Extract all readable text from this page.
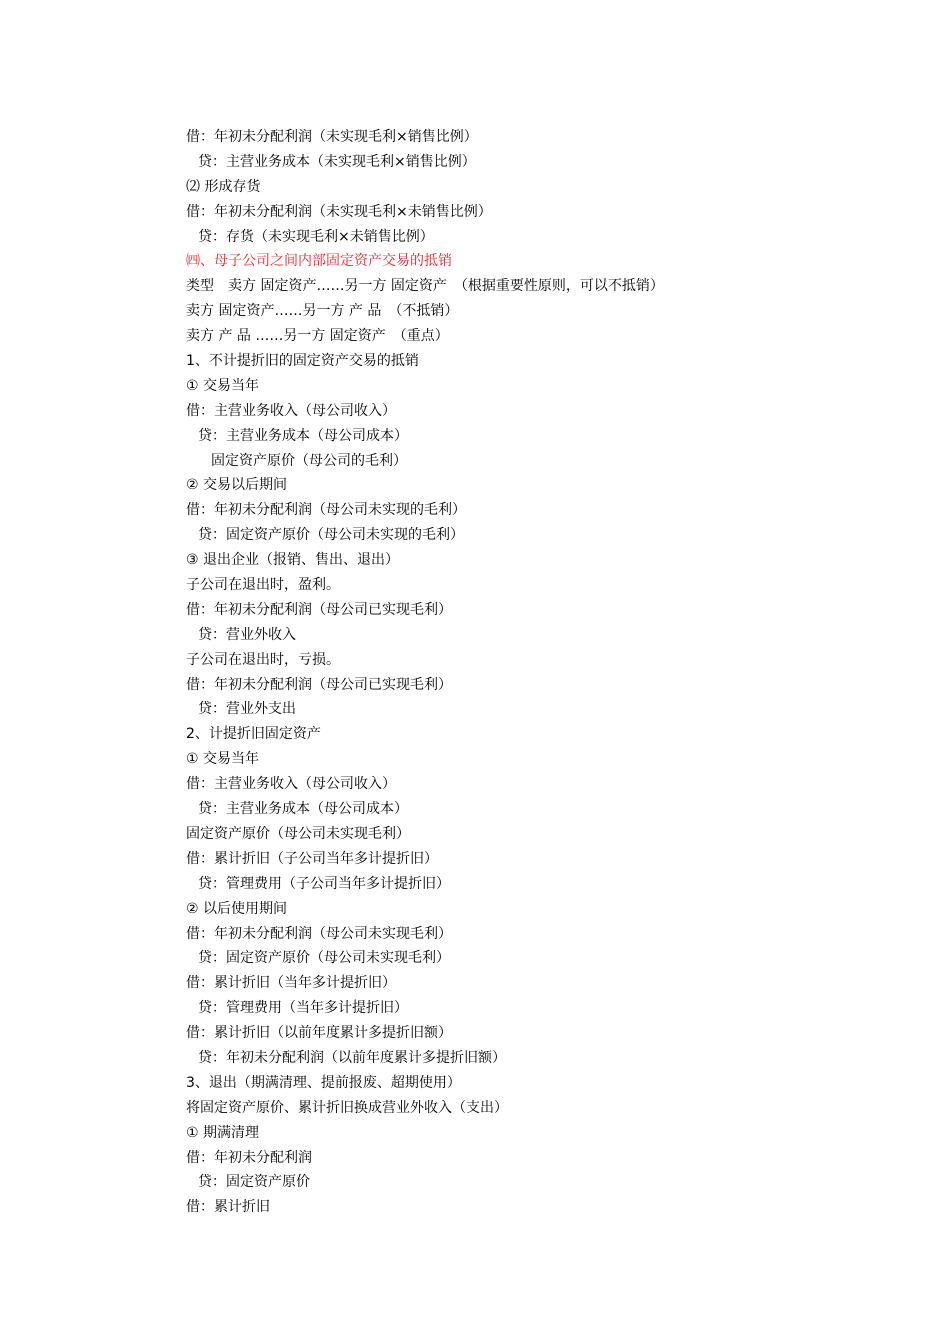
借：年初未分配利润（未实现毛利×销售比例）
贷：主营业务成本（未实现毛利×销售比例）
⑵ 形成存货
借：年初未分配利润（未实现毛利×未销售比例）
贷：存货（未实现毛利×未销售比例）
㈣、母子公司之间内部固定资产交易的抵销
类型　卖方 固定资产……另一方 固定资产　（根据重要性原则，可以不抵销）
卖方 固定资产……另一方 产 品　（不抵销）
卖方 产 品 ……另一方 固定资产　（重点）
1、不计提折旧的固定资产交易的抵销
① 交易当年
借：主营业务收入（母公司收入）
贷：主营业务成本（母公司成本）
固定资产原价（母公司的毛利）
② 交易以后期间
借：年初未分配利润（母公司未实现的毛利）
贷：固定资产原价（母公司未实现的毛利）
③ 退出企业（报销、售出、退出）
子公司在退出时，盈利。
借：年初未分配利润（母公司已实现毛利）
贷：营业外收入
子公司在退出时，亏损。
借：年初未分配利润（母公司已实现毛利）
贷：营业外支出
2、计提折旧固定资产
① 交易当年
借：主营业务收入（母公司收入）
贷：主营业务成本（母公司成本）
固定资产原价（母公司未实现毛利）
借：累计折旧（子公司当年多计提折旧）
贷：管理费用（子公司当年多计提折旧）
② 以后使用期间
借：年初未分配利润（母公司未实现毛利）
贷：固定资产原价（母公司未实现毛利）
借：累计折旧（当年多计提折旧）
贷：管理费用（当年多计提折旧）
借：累计折旧（以前年度累计多提折旧额）
贷：年初未分配利润（以前年度累计多提折旧额）
3、退出（期满清理、提前报废、超期使用）
将固定资产原价、累计折旧换成营业外收入（支出）
① 期满清理
借：年初未分配利润
贷：固定资产原价
借：累计折旧
